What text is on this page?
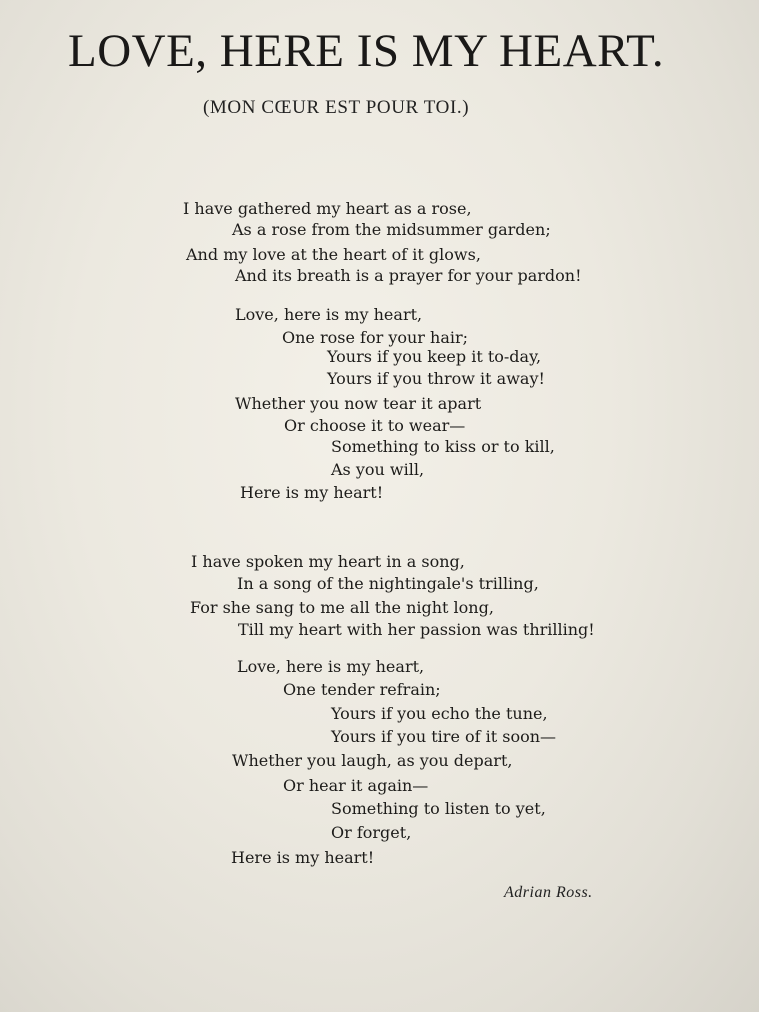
LOVE, HERE IS MY HEART.
(MON CŒUR EST POUR TOI.)
I have gathered my heart as a rose,
As a rose from the midsummer garden;
And my love at the heart of it glows,
And its breath is a prayer for your pardon!
Love, here is my heart,
One rose for your hair;
Yours if you keep it to-day,
Yours if you throw it away!
Whether you now tear it apart
Or choose it to wear—
Something to kiss or to kill,
As you will,
Here is my heart!
I have spoken my heart in a song,
In a song of the nightingale's trilling,
For she sang to me all the night long,
Till my heart with her passion was thrilling!
Love, here is my heart,
One tender refrain;
Yours if you echo the tune,
Yours if you tire of it soon—
Whether you laugh, as you depart,
Or hear it again—
Something to listen to yet,
Or forget,
Here is my heart!
Adrian Ross.
